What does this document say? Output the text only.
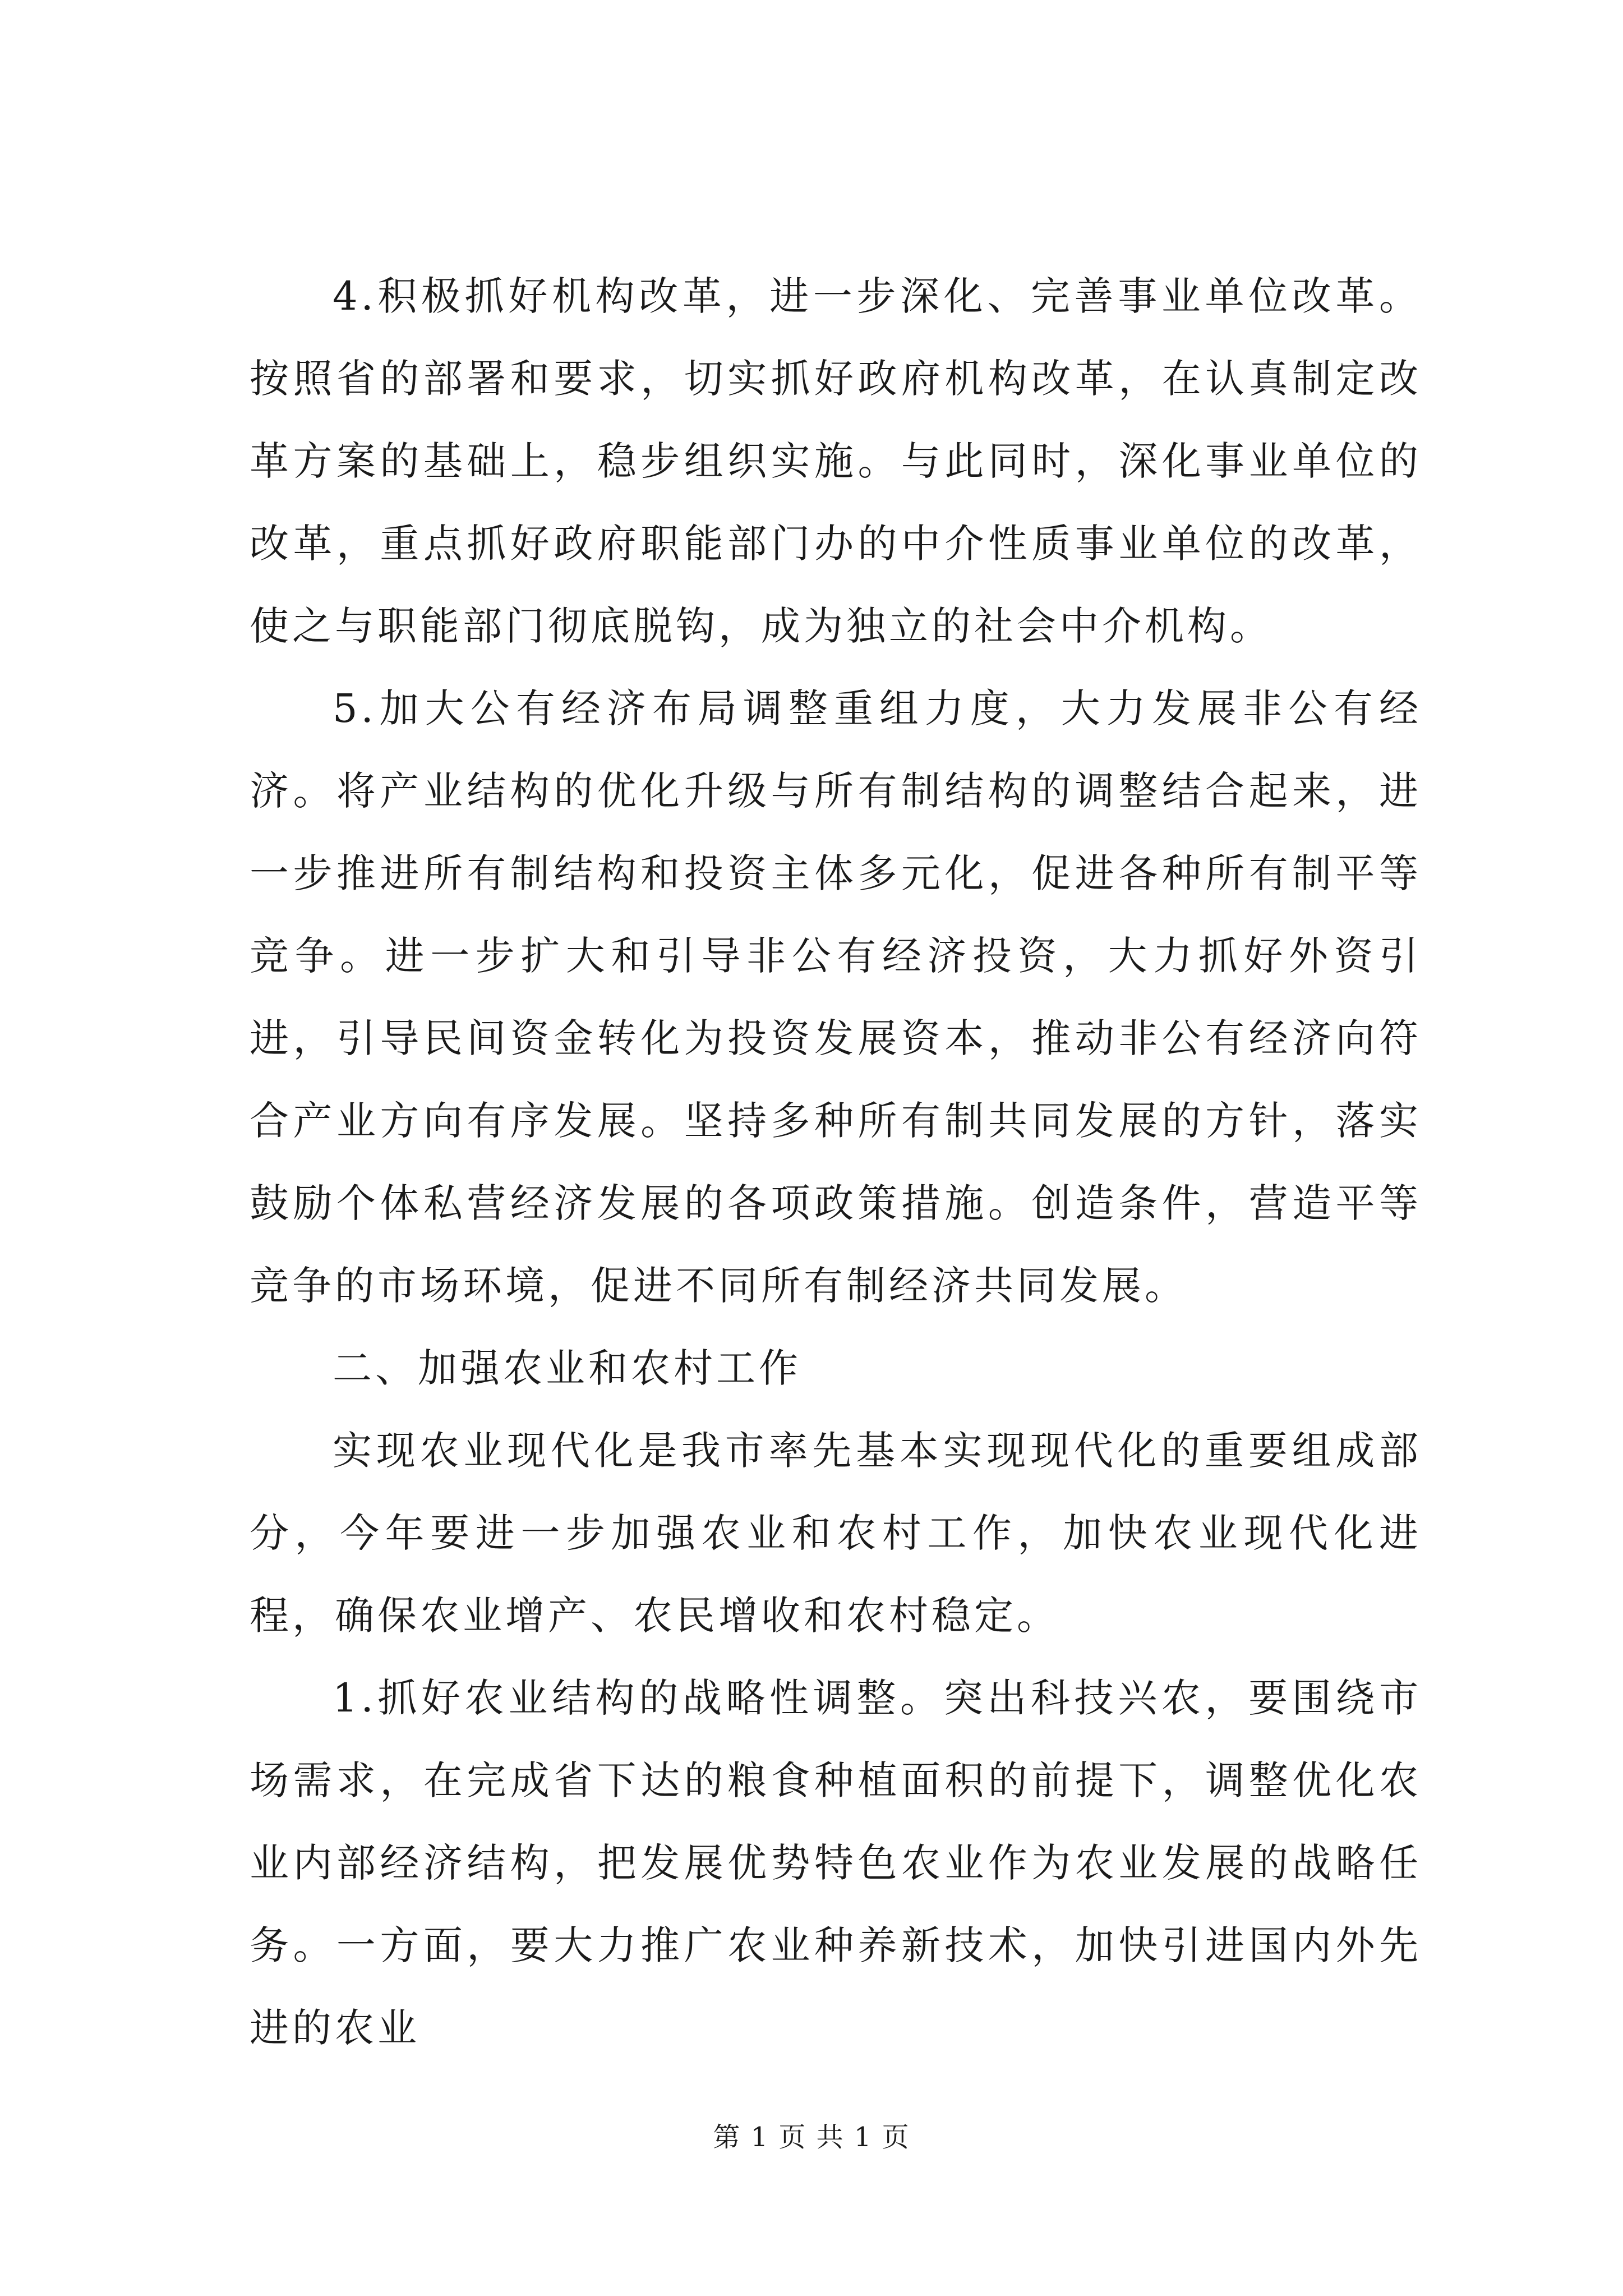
4.积极抓好机构改革，进一步深化、完善事业单位改革。按照省的部署和要求，切实抓好政府机构改革，在认真制定改革方案的基础上，稳步组织实施。与此同时，深化事业单位的改革，重点抓好政府职能部门办的中介性质事业单位的改革，使之与职能部门彻底脱钩，成为独立的社会中介机构。

5.加大公有经济布局调整重组力度，大力发展非公有经济。将产业结构的优化升级与所有制结构的调整结合起来，进一步推进所有制结构和投资主体多元化，促进各种所有制平等竞争。进一步扩大和引导非公有经济投资，大力抓好外资引进，引导民间资金转化为投资发展资本，推动非公有经济向符合产业方向有序发展。坚持多种所有制共同发展的方针，落实鼓励个体私营经济发展的各项政策措施。创造条件，营造平等竞争的市场环境，促进不同所有制经济共同发展。

二、加强农业和农村工作

实现农业现代化是我市率先基本实现现代化的重要组成部分，今年要进一步加强农业和农村工作，加快农业现代化进程，确保农业增产、农民增收和农村稳定。

1.抓好农业结构的战略性调整。突出科技兴农，要围绕市场需求，在完成省下达的粮食种植面积的前提下，调整优化农业内部经济结构，把发展优势特色农业作为农业发展的战略任务。一方面，要大力推广农业种养新技术，加快引进国内外先进的农业

第 1 页 共 1 页
